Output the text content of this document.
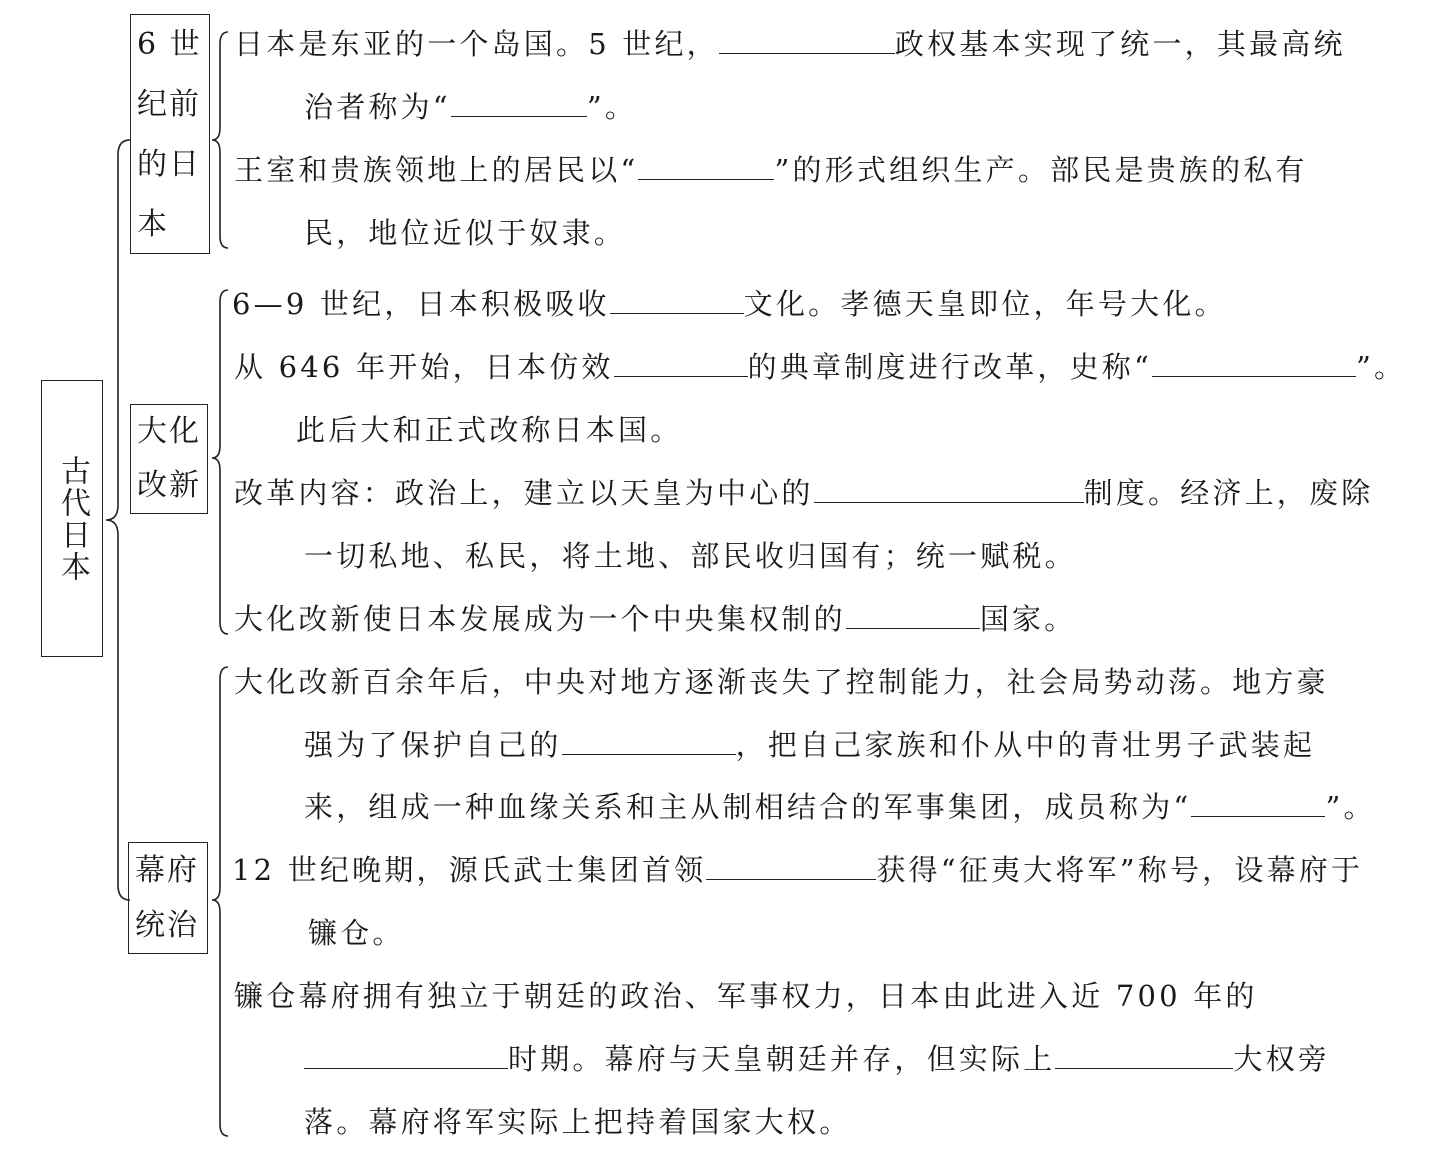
古代日本
6 世
纪前
的日
本
大化
改新
幕府
统治
日本是东亚的一个岛国。5 世纪，	政权基本实现了统一，其最高统
治者称为“	”。
王室和贵族领地上的居民以“	”的形式组织生产。部民是贵族的私有
民，地位近似于奴隶。
6—9 世纪，日本积极吸收	文化。孝德天皇即位，年号大化。
从 646 年开始，日本仿效	的典章制度进行改革，史称“	”。
此后大和正式改称日本国。
改革内容：政治上，建立以天皇为中心的	制度。经济上，废除
一切私地、私民，将土地、部民收归国有；统一赋税。
大化改新使日本发展成为一个中央集权制的	国家。
大化改新百余年后，中央对地方逐渐丧失了控制能力，社会局势动荡。地方豪
强为了保护自己的	，把自己家族和仆从中的青壮男子武装起
来，组成一种血缘关系和主从制相结合的军事集团，成员称为“	”。
12 世纪晚期，源氏武士集团首领	获得“征夷大将军”称号，设幕府于
镰仓。
镰仓幕府拥有独立于朝廷的政治、军事权力，日本由此进入近 700 年的
时期。幕府与天皇朝廷并存，但实际上	大权旁
落。幕府将军实际上把持着国家大权。
